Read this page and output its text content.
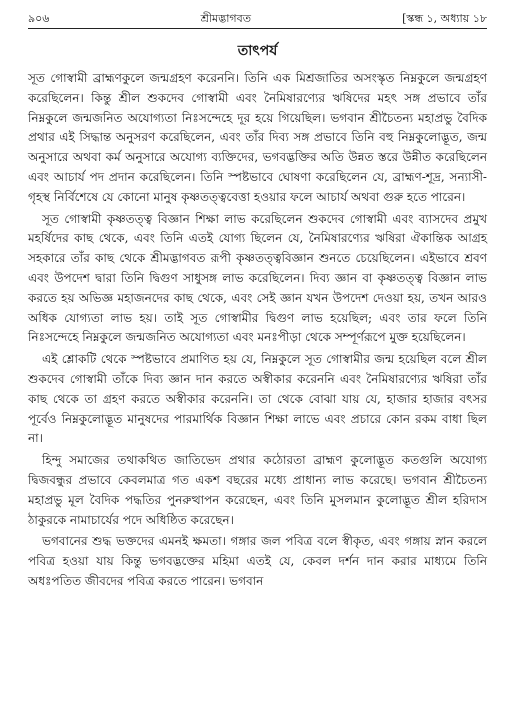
৯০৬	শ্রীমদ্ভাগবত	[স্কন্ধ ১, অধ্যায় ১৮
তাৎপর্য

সূত গোস্বামী ব্রাহ্মণকুলে জন্মগ্রহণ করেননি। তিনি এক মিশ্রজাতির অসংস্কৃত নিম্নকুলে জন্মগ্রহণ করেছিলেন। কিন্তু শ্রীল শুকদেব গোস্বামী এবং নৈমিষারণ্যের ঋষিদের মহৎ সঙ্গ প্রভাবে তাঁর নিম্নকুলে জন্মজনিত অযোগ্যতা নিঃসন্দেহে দূর হয়ে গিয়েছিল। ভগবান শ্রীচৈতন্য মহাপ্রভু বৈদিক প্রথার এই সিদ্ধান্ত অনুসরণ করেছিলেন, এবং তাঁর দিব্য সঙ্গ প্রভাবে তিনি বহু নিম্নকুলোদ্ভূত, জন্ম অনুসারে অথবা কর্ম অনুসারে অযোগ্য ব্যক্তিদের, ভগবদ্ভক্তির অতি উন্নত স্তরে উন্নীত করেছিলেন এবং আচার্য পদ প্রদান করেছিলেন। তিনি স্পষ্টভাবে ঘোষণা করেছিলেন যে, ব্রাহ্মণ-শূদ্র, সন্যাসী-গৃহস্থ নির্বিশেষে যে কোনো মানুষ কৃষ্ণতত্ত্ববেত্তা হওয়ার ফলে আচার্য অথবা গুরু হতে পারেন।

সূত গোস্বামী কৃষ্ণতত্ত্ব বিজ্ঞান শিক্ষা লাভ করেছিলেন শুকদেব গোস্বামী এবং ব্যাসদেব প্রমুখ মহর্ষিদের কাছ থেকে, এবং তিনি এতই যোগ্য ছিলেন যে, নৈমিষারণ্যের ঋষিরা ঐকান্তিক আগ্রহ সহকারে তাঁর কাছ থেকে শ্রীমদ্ভাগবত রূপী কৃষ্ণতত্ত্ববিজ্ঞান শুনতে চেয়েছিলেন। এইভাবে শ্রবণ এবং উপদেশ দ্বারা তিনি দ্বিগুণ সাধুসঙ্গ লাভ করেছিলেন। দিব্য জ্ঞান বা কৃষ্ণতত্ত্ব বিজ্ঞান লাভ করতে হয় অভিজ্ঞ মহাজনদের কাছ থেকে, এবং সেই জ্ঞান যখন উপদেশ দেওয়া হয়, তখন আরও অধিক যোগ্যতা লাভ হয়। তাই সূত গোস্বামীর দ্বিগুণ লাভ হয়েছিল; এবং তার ফলে তিনি নিঃসন্দেহে নিম্নকুলে জন্মজনিত অযোগ্যতা এবং মনঃপীড়া থেকে সম্পূর্ণরূপে মুক্ত হয়েছিলেন।

এই শ্লোকটি থেকে স্পষ্টভাবে প্রমাণিত হয় যে, নিম্নকুলে সূত গোস্বামীর জন্ম হয়েছিল বলে শ্রীল শুকদেব গোস্বামী তাঁকে দিব্য জ্ঞান দান করতে অস্বীকার করেননি এবং নৈমিষারণ্যের ঋষিরা তাঁর কাছ থেকে তা গ্রহণ করতে অস্বীকার করেননি। তা থেকে বোঝা যায় যে, হাজার হাজার বৎসর পূর্বেও নিম্নকুলোদ্ভূত মানুষদের পারমার্থিক বিজ্ঞান শিক্ষা লাভে এবং প্রচারে কোন রকম বাধা ছিল না।

হিন্দু সমাজের তথাকথিত জাতিভেদ প্রথার কঠোরতা ব্রাহ্মণ কুলোদ্ভূত কতগুলি অযোগ্য দ্বিজবন্ধুর প্রভাবে কেবলমাত্র গত একশ বছরের মধ্যে প্রাধান্য লাভ করেছে। ভগবান শ্রীচৈতন্য মহাপ্রভু মূল বৈদিক পদ্ধতির পুনরুত্থাপন করেছেন, এবং তিনি মুসলমান কুলোদ্ভূত শ্রীল হরিদাস ঠাকুরকে নামাচার্যের পদে অধিষ্ঠিত করেছেন।

ভগবানের শুদ্ধ ভক্তদের এমনই ক্ষমতা। গঙ্গার জল পবিত্র বলে স্বীকৃত, এবং গঙ্গায় স্নান করলে পবিত্র হওয়া যায় কিন্তু ভগবদ্ভক্তের মহিমা এতই যে, কেবল দর্শন দান করার মাধ্যমে তিনি অধঃপতিত জীবদের পবিত্র করতে পারেন। ভগবান
